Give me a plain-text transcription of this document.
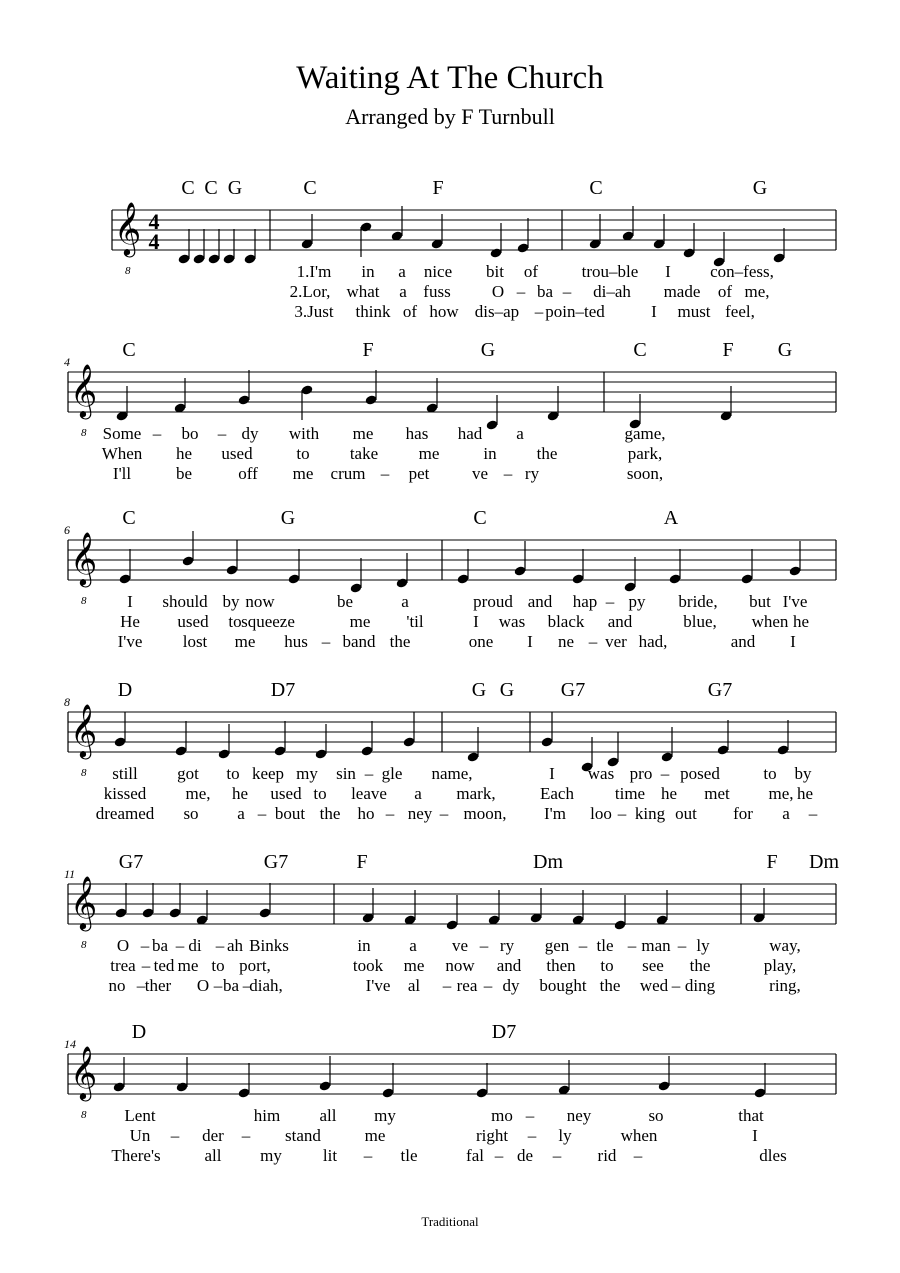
Waiting At The Church
Arranged by F Turnbull
Traditional
𝄞
8
4
4
C C G	C	F	C	G
1.I'm in a nice bit of	trou–ble I con–fess,
2.Lor, what a fuss O – ba – di–ah made of me,
3.Just think of how dis–ap – poin–ted	I must feel,
𝄞
8
4
C	F	G	C	F G
Some – bo – dy with me has had a	game,
When he used	to take me	in the	park,
I'll	be	off me crum – pet	ve – ry	soon,
𝄞
8
6
C	G	C	A
I should by now	be	a	proud and hap – py bride, but I've
He used to squeeze	me 'til	I was black and	blue, when he
I've lost me hus – band the	one I ne – ver had,	and I
𝄞
8
8
D	D7	G G G7	G7
still got to keep my sin – gle name,	I was pro – posed	to by
kissed me, he used to leave a mark,	Each time he met me, he
dreamed so a – bout the ho – ney – moon, I'm loo – king out for a –
𝄞
8
11
G7	G7	F	Dm	F Dm
O – ba – di – ah Binks	in a ve – ry gen – tle – man – ly	way,
trea – ted me to port,	took me now and then to see the	play,
no – ther O – ba –
diah,	I've al – rea – dy bought the wed – ding	ring,
𝄞
8
14
D	D7
Lent	him all my	mo – ney	so	that
Un – der – stand	me	right – ly	when	I
There's	all my lit – tle	fal – de – rid –	dles
